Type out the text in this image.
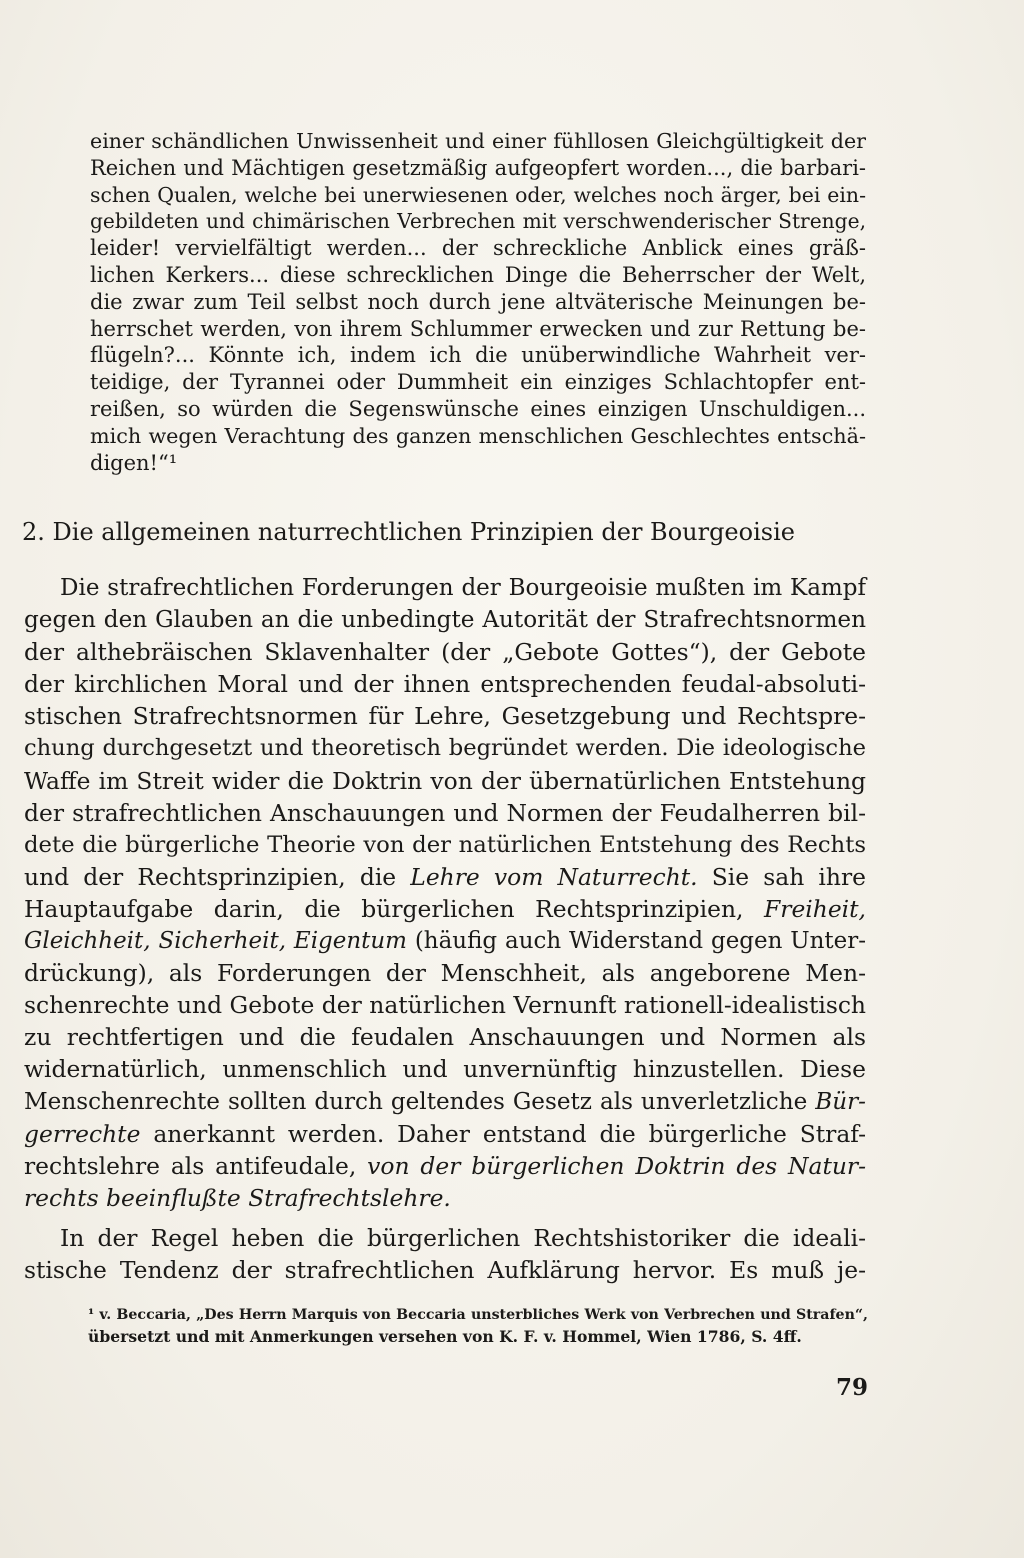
einer schändlichen Unwissenheit und einer fühllosen Gleichgültigkeit der
Reichen und Mächtigen gesetzmäßig aufgeopfert worden..., die barbari-
schen Qualen, welche bei unerwiesenen oder, welches noch ärger, bei ein-
gebildeten und chimärischen Verbrechen mit verschwenderischer Strenge,
leider! vervielfältigt werden... der schreckliche Anblick eines gräß-
lichen Kerkers... diese schrecklichen Dinge die Beherrscher der Welt,
die zwar zum Teil selbst noch durch jene altväterische Meinungen be-
herrschet werden, von ihrem Schlummer erwecken und zur Rettung be-
flügeln?... Könnte ich, indem ich die unüberwindliche Wahrheit ver-
teidige, der Tyrannei oder Dummheit ein einziges Schlachtopfer ent-
reißen, so würden die Segenswünsche eines einzigen Unschuldigen...
mich wegen Verachtung des ganzen menschlichen Geschlechtes entschä-
digen!“¹
2. Die allgemeinen naturrechtlichen Prinzipien der Bourgeoisie
Die strafrechtlichen Forderungen der Bourgeoisie mußten im Kampf
gegen den Glauben an die unbedingte Autorität der Strafrechtsnormen
der althebräischen Sklavenhalter (der „Gebote Gottes“), der Gebote
der kirchlichen Moral und der ihnen entsprechenden feudal-absoluti-
stischen Strafrechtsnormen für Lehre, Gesetzgebung und Rechtspre-
chung durchgesetzt und theoretisch begründet werden. Die ideologische
Waffe im Streit wider die Doktrin von der übernatürlichen Entstehung
der strafrechtlichen Anschauungen und Normen der Feudalherren bil-
dete die bürgerliche Theorie von der natürlichen Entstehung des Rechts
und der Rechtsprinzipien, die Lehre vom Naturrecht. Sie sah ihre
Hauptaufgabe darin, die bürgerlichen Rechtsprinzipien, Freiheit,
Gleichheit, Sicherheit, Eigentum (häufig auch Widerstand gegen Unter-
drückung), als Forderungen der Menschheit, als angeborene Men-
schenrechte und Gebote der natürlichen Vernunft rationell-idealistisch
zu rechtfertigen und die feudalen Anschauungen und Normen als
widernatürlich, unmenschlich und unvernünftig hinzustellen. Diese
Menschenrechte sollten durch geltendes Gesetz als unverletzliche Bür-
gerrechte anerkannt werden. Daher entstand die bürgerliche Straf-
rechtslehre als antifeudale, von der bürgerlichen Doktrin des Natur-
rechts beeinflußte Strafrechtslehre.
In der Regel heben die bürgerlichen Rechtshistoriker die ideali-
stische Tendenz der strafrechtlichen Aufklärung hervor. Es muß je-
¹ v. Beccaria, „Des Herrn Marquis von Beccaria unsterbliches Werk von Verbrechen und Strafen“,
übersetzt und mit Anmerkungen versehen von K. F. v. Hommel, Wien 1786, S. 4ff.
79
